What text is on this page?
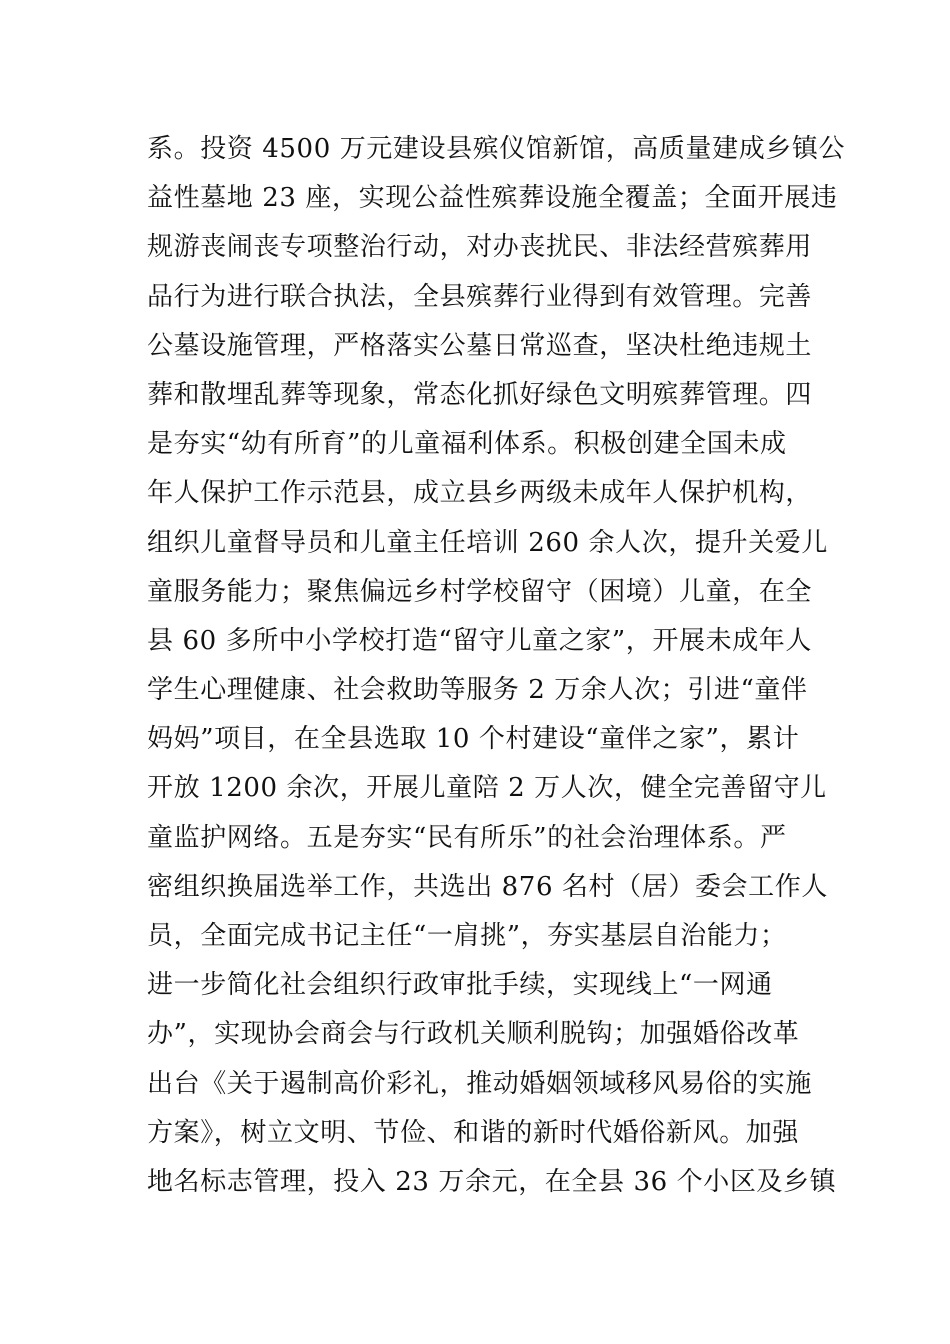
系。投资 4500 万元建设县殡仪馆新馆，高质量建成乡镇公
益性墓地 23 座，实现公益性殡葬设施全覆盖；全面开展违
规游丧闹丧专项整治行动，对办丧扰民、非法经营殡葬用
品行为进行联合执法，全县殡葬行业得到有效管理。完善
公墓设施管理，严格落实公墓日常巡查，坚决杜绝违规土
葬和散埋乱葬等现象，常态化抓好绿色文明殡葬管理。四
是夯实“幼有所育”的儿童福利体系。积极创建全国未成
年人保护工作示范县，成立县乡两级未成年人保护机构，
组织儿童督导员和儿童主任培训 260 余人次，提升关爱儿
童服务能力；聚焦偏远乡村学校留守（困境）儿童，在全
县 60 多所中小学校打造“留守儿童之家”，开展未成年人
学生心理健康、社会救助等服务 2 万余人次；引进“童伴
妈妈”项目，在全县选取 10 个村建设“童伴之家”，累计
开放 1200 余次，开展儿童陪 2 万人次，健全完善留守儿
童监护网络。五是夯实“民有所乐”的社会治理体系。严
密组织换届选举工作，共选出 876 名村（居）委会工作人
员，全面完成书记主任“一肩挑”，夯实基层自治能力；
进一步简化社会组织行政审批手续，实现线上“一网通
办”，实现协会商会与行政机关顺利脱钩；加强婚俗改革
出台《关于遏制高价彩礼，推动婚姻领域移风易俗的实施
方案》，树立文明、节俭、和谐的新时代婚俗新风。加强
地名标志管理，投入 23 万余元，在全县 36 个小区及乡镇
